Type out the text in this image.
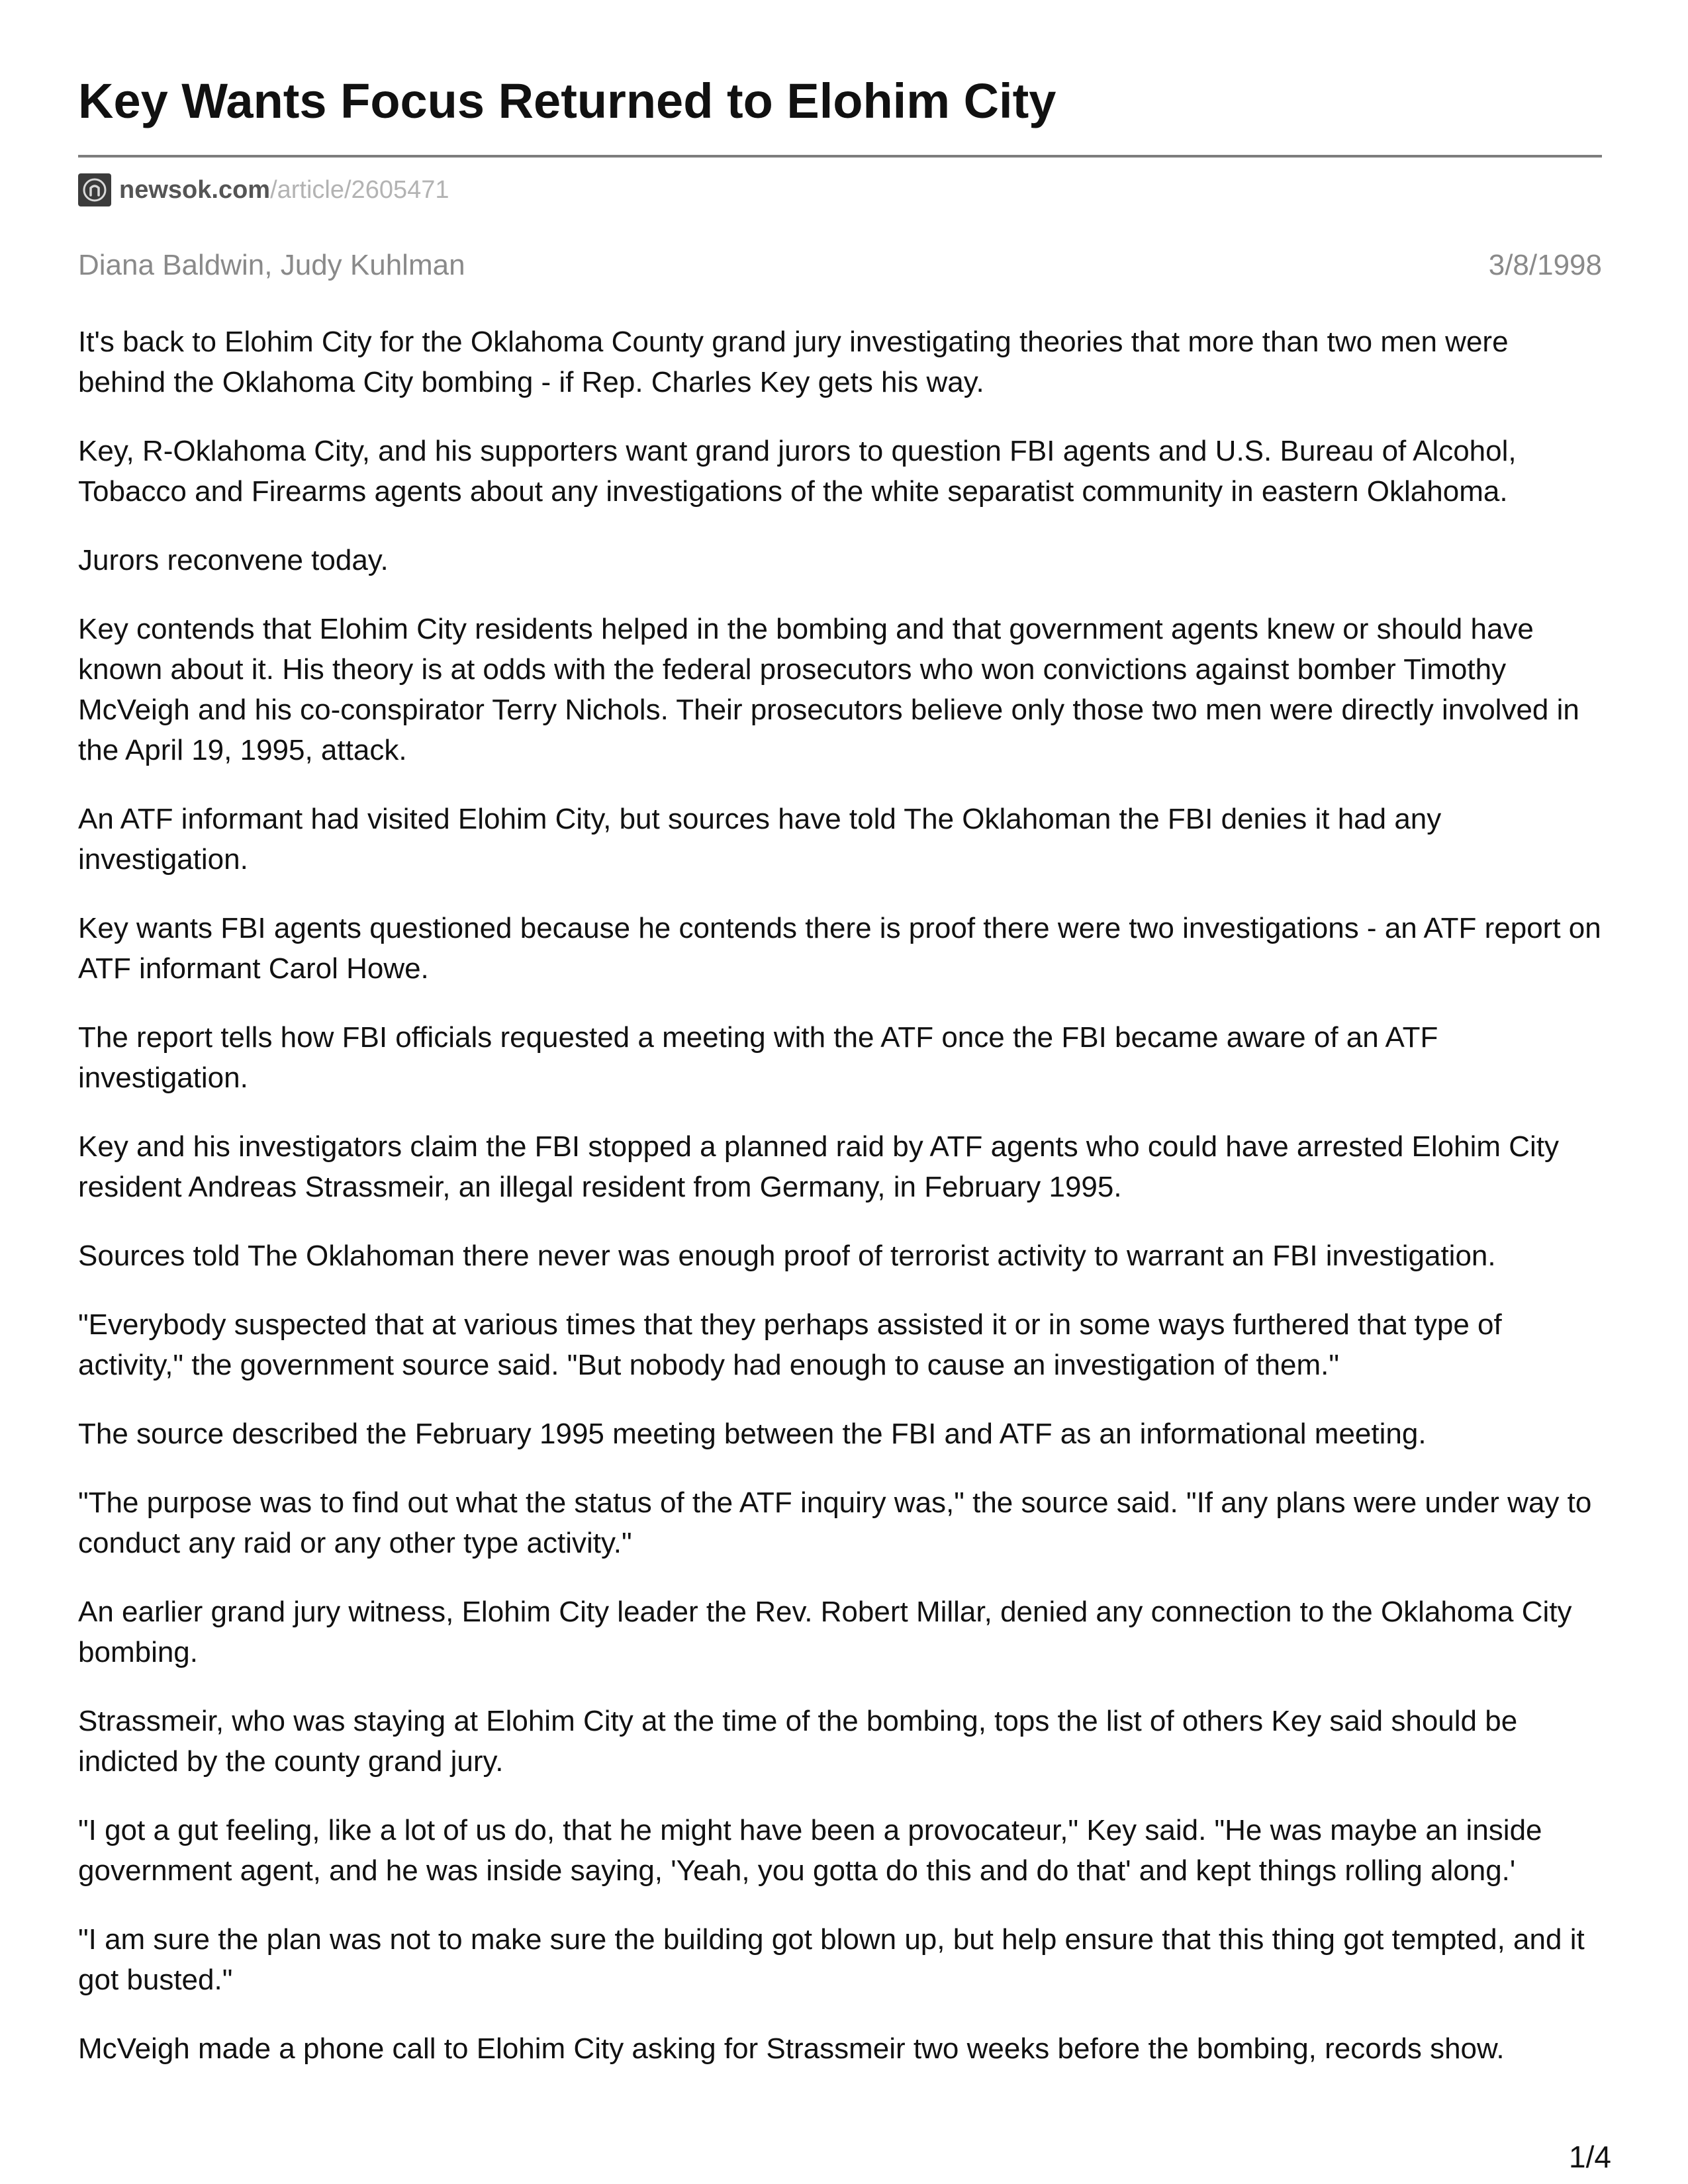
Key Wants Focus Returned to Elohim City
newsok.com /article/2605471
Diana Baldwin, Judy Kuhlman	3/8/1998

It's back to Elohim City for the Oklahoma County grand jury investigating theories that more than two men were behind the Oklahoma City bombing - if Rep. Charles Key gets his way.

Key, R-Oklahoma City, and his supporters want grand jurors to question FBI agents and U.S. Bureau of Alcohol, Tobacco and Firearms agents about any investigations of the white separatist community in eastern Oklahoma.

Jurors reconvene today.

Key contends that Elohim City residents helped in the bombing and that government agents knew or should have known about it. His theory is at odds with the federal prosecutors who won convictions against bomber Timothy McVeigh and his co-conspirator Terry Nichols. Their prosecutors believe only those two men were directly involved in the April 19, 1995, attack.

An ATF informant had visited Elohim City, but sources have told The Oklahoman the FBI denies it had any investigation.

Key wants FBI agents questioned because he contends there is proof there were two investigations - an ATF report on ATF informant Carol Howe.

The report tells how FBI officials requested a meeting with the ATF once the FBI became aware of an ATF investigation.

Key and his investigators claim the FBI stopped a planned raid by ATF agents who could have arrested Elohim City resident Andreas Strassmeir, an illegal resident from Germany, in February 1995.

Sources told The Oklahoman there never was enough proof of terrorist activity to warrant an FBI investigation.

"Everybody suspected that at various times that they perhaps assisted it or in some ways furthered that type of activity," the government source said. "But nobody had enough to cause an investigation of them."

The source described the February 1995 meeting between the FBI and ATF as an informational meeting.

"The purpose was to find out what the status of the ATF inquiry was," the source said. "If any plans were under way to conduct any raid or any other type activity."

An earlier grand jury witness, Elohim City leader the Rev. Robert Millar, denied any connection to the Oklahoma City bombing.

Strassmeir, who was staying at Elohim City at the time of the bombing, tops the list of others Key said should be indicted by the county grand jury.

"I got a gut feeling, like a lot of us do, that he might have been a provocateur," Key said. "He was maybe an inside government agent, and he was inside saying, 'Yeah, you gotta do this and do that' and kept things rolling along.'

"I am sure the plan was not to make sure the building got blown up, but help ensure that this thing got tempted, and it got busted."

McVeigh made a phone call to Elohim City asking for Strassmeir two weeks before the bombing, records show.

1/4
